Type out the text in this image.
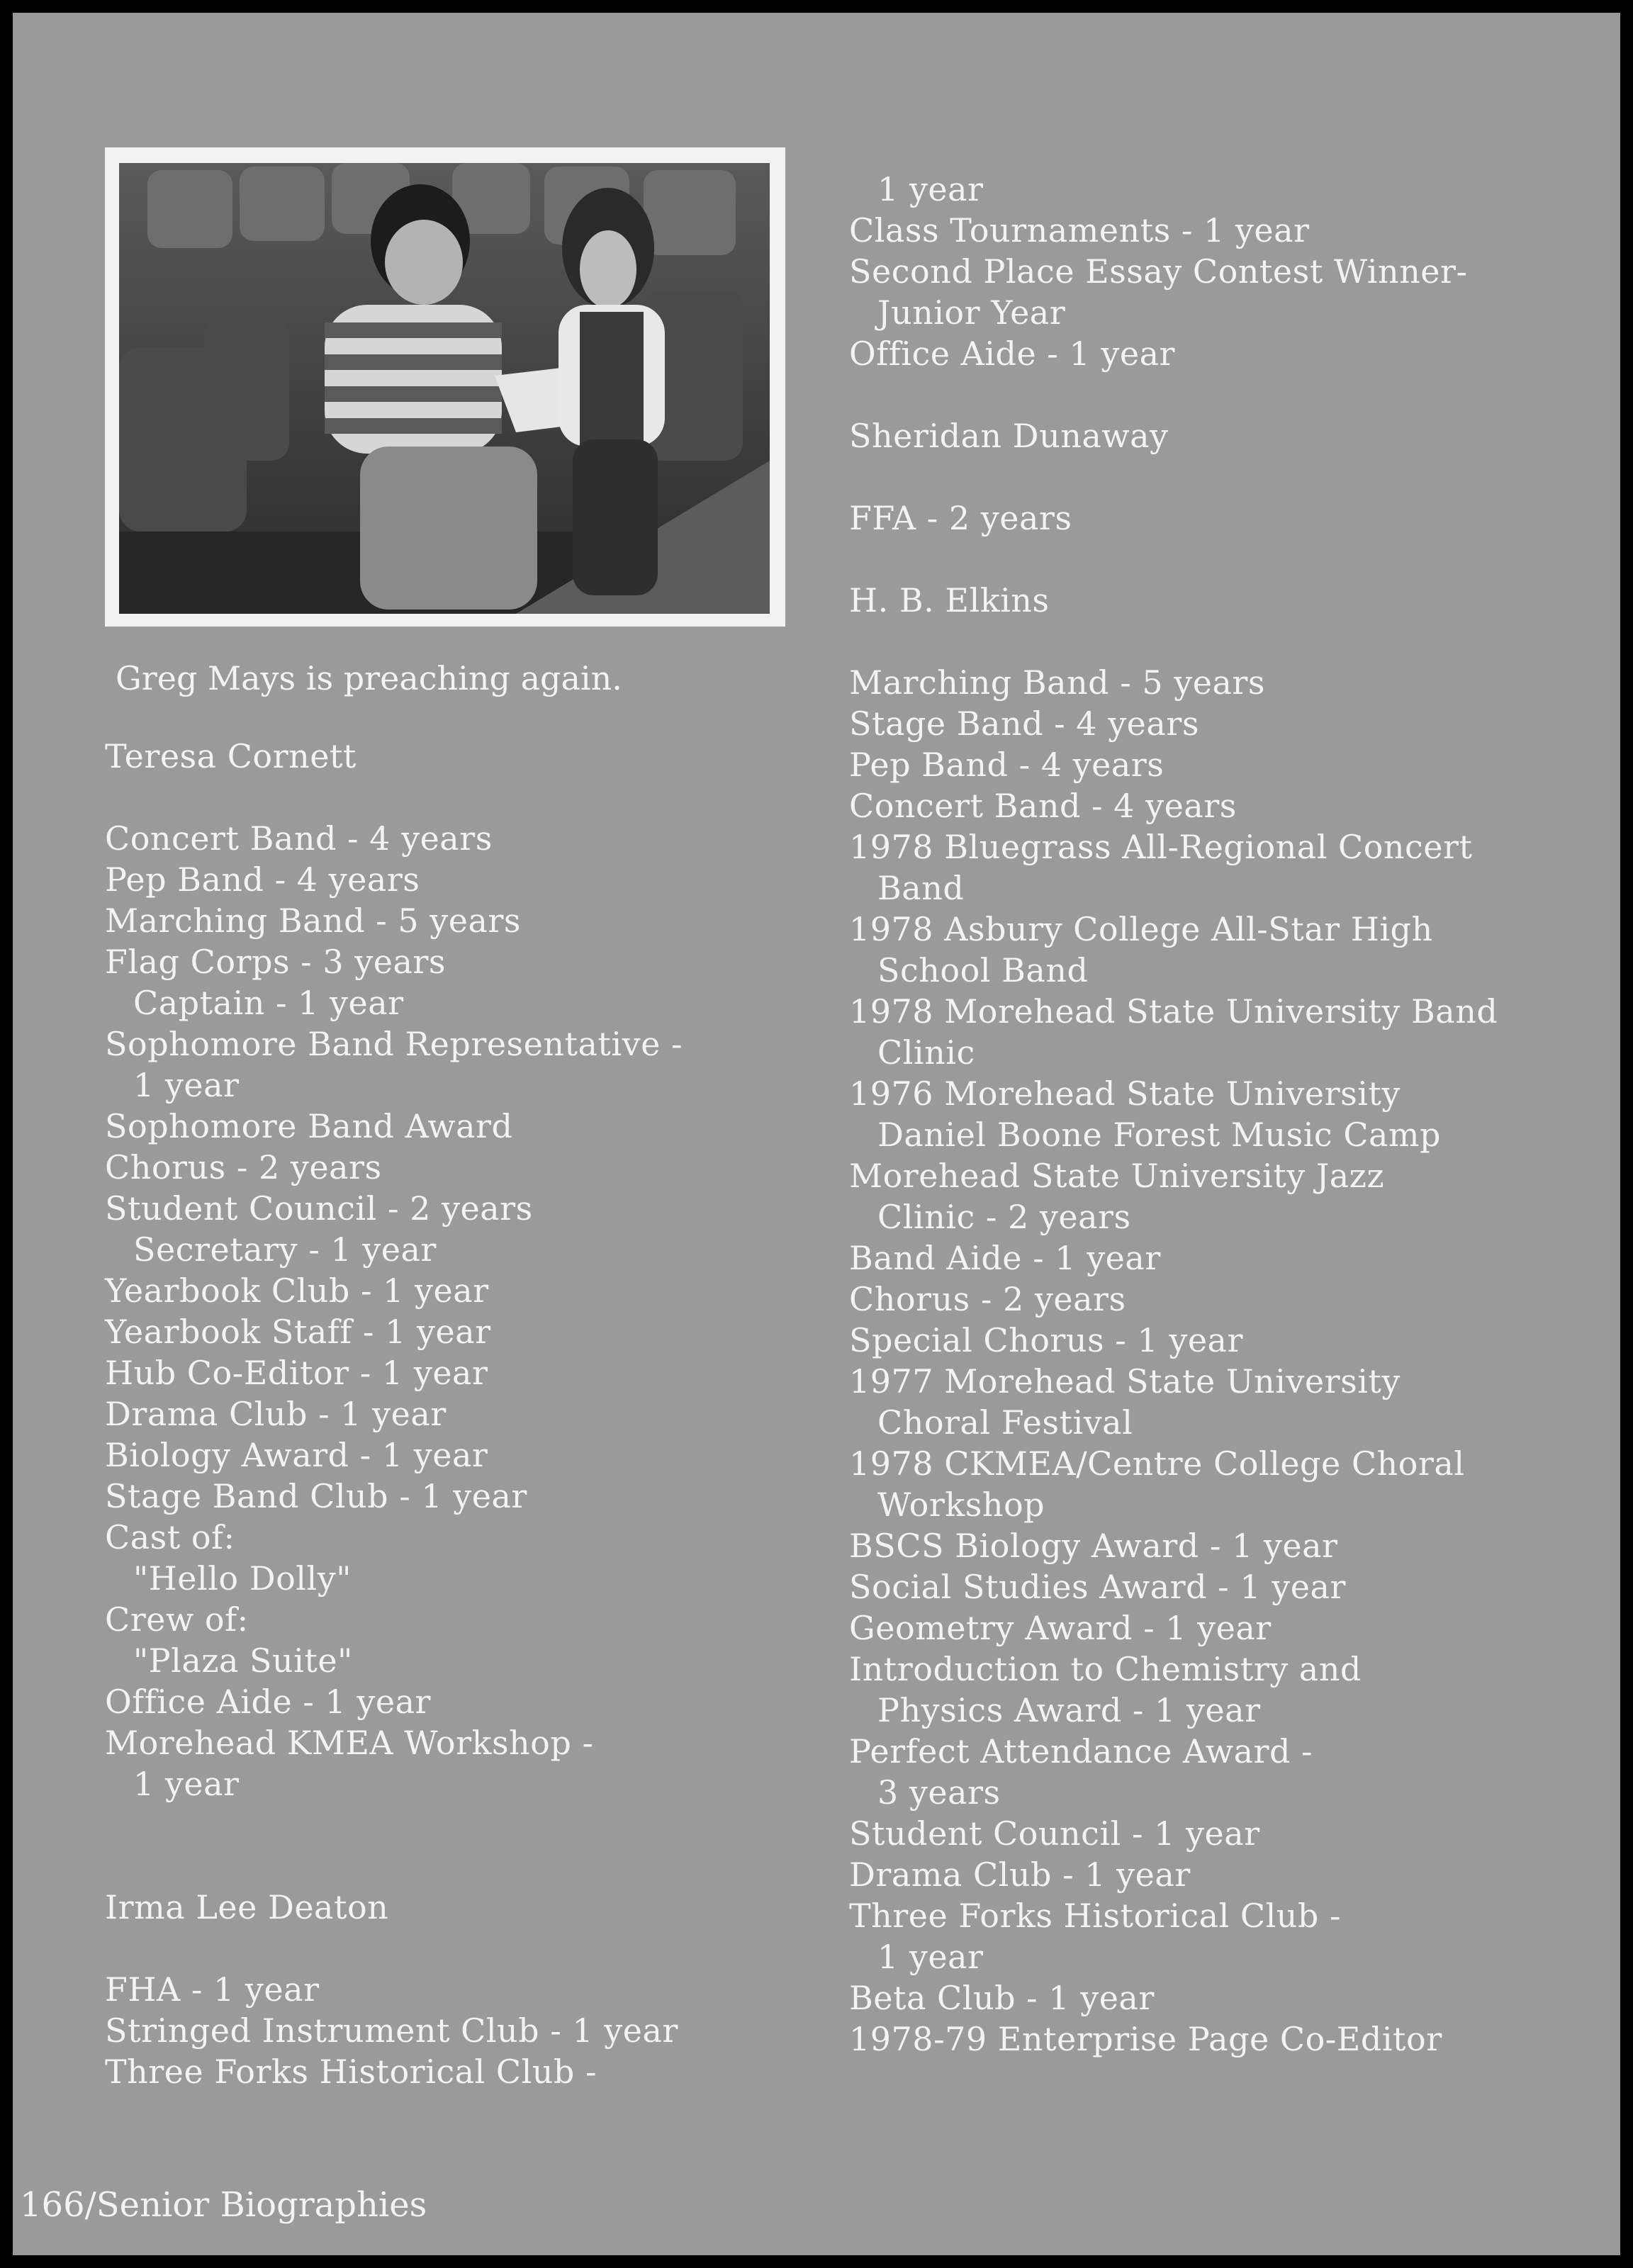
Greg Mays is preaching again.
Teresa Cornett
Concert Band - 4 years
Pep Band - 4 years
Marching Band - 5 years
Flag Corps - 3 years
Captain - 1 year
Sophomore Band Representative -
1 year
Sophomore Band Award
Chorus - 2 years
Student Council - 2 years
Secretary - 1 year
Yearbook Club - 1 year
Yearbook Staff - 1 year
Hub Co-Editor - 1 year
Drama Club - 1 year
Biology Award - 1 year
Stage Band Club - 1 year
Cast of:
"Hello Dolly"
Crew of:
"Plaza Suite"
Office Aide - 1 year
Morehead KMEA Workshop -
1 year
Irma Lee Deaton
FHA - 1 year
Stringed Instrument Club - 1 year
Three Forks Historical Club -
1 year
Class Tournaments - 1 year
Second Place Essay Contest Winner-
Junior Year
Office Aide - 1 year
Sheridan Dunaway
FFA - 2 years
H. B. Elkins
Marching Band - 5 years
Stage Band - 4 years
Pep Band - 4 years
Concert Band - 4 years
1978 Bluegrass All-Regional Concert
Band
1978 Asbury College All-Star High
School Band
1978 Morehead State University Band
Clinic
1976 Morehead State University
Daniel Boone Forest Music Camp
Morehead State University Jazz
Clinic - 2 years
Band Aide - 1 year
Chorus - 2 years
Special Chorus - 1 year
1977 Morehead State University
Choral Festival
1978 CKMEA/Centre College Choral
Workshop
BSCS Biology Award - 1 year
Social Studies Award - 1 year
Geometry Award - 1 year
Introduction to Chemistry and
Physics Award - 1 year
Perfect Attendance Award -
3 years
Student Council - 1 year
Drama Club - 1 year
Three Forks Historical Club -
1 year
Beta Club - 1 year
1978-79 Enterprise Page Co-Editor
166/Senior Biographies
